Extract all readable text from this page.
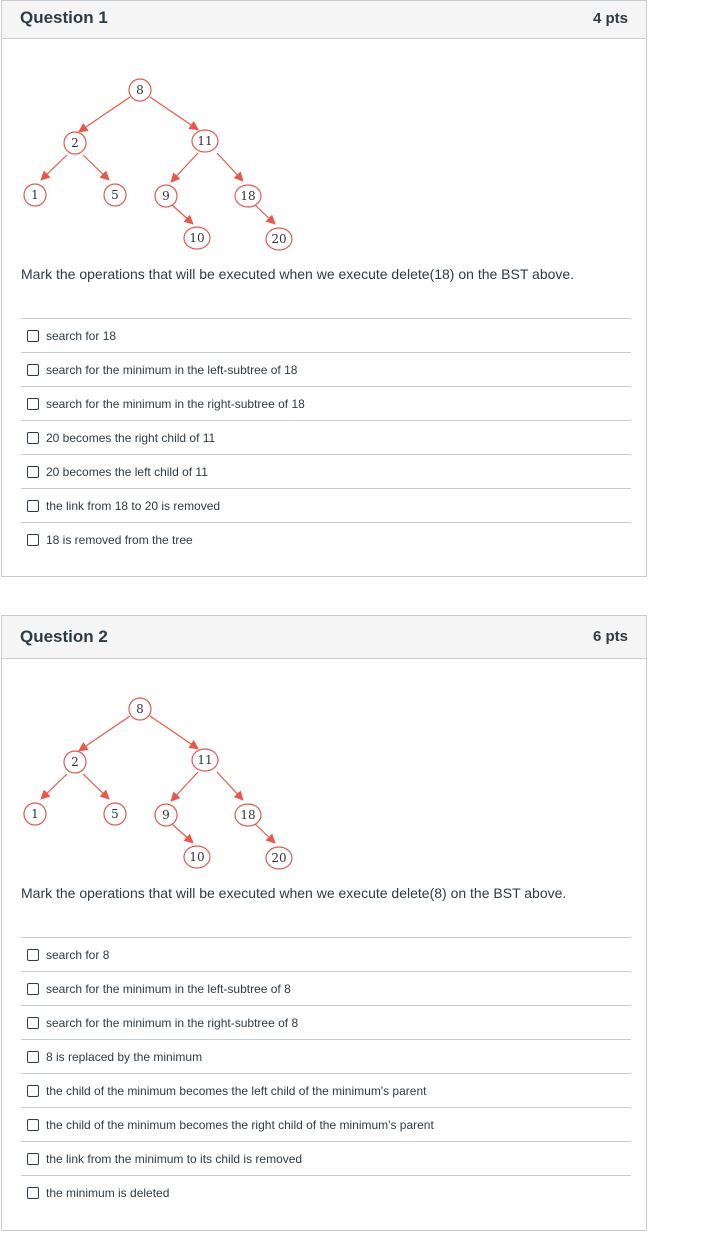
Question 1	4 pts
8
2	11
1	5	9	18
10	20
Mark the operations that will be executed when we execute delete(18) on the BST above.
search for 18
search for the minimum in the left-subtree of 18
search for the minimum in the right-subtree of 18
20 becomes the right child of 11
20 becomes the left child of 11
the link from 18 to 20 is removed
18 is removed from the tree
Question 2	6 pts
8
2	11
1	5	9	18
10	20
Mark the operations that will be executed when we execute delete(8) on the BST above.
search for 8
search for the minimum in the left-subtree of 8
search for the minimum in the right-subtree of 8
8 is replaced by the minimum
the child of the minimum becomes the left child of the minimum's parent
the child of the minimum becomes the right child of the minimum's parent
the link from the minimum to its child is removed
the minimum is deleted
